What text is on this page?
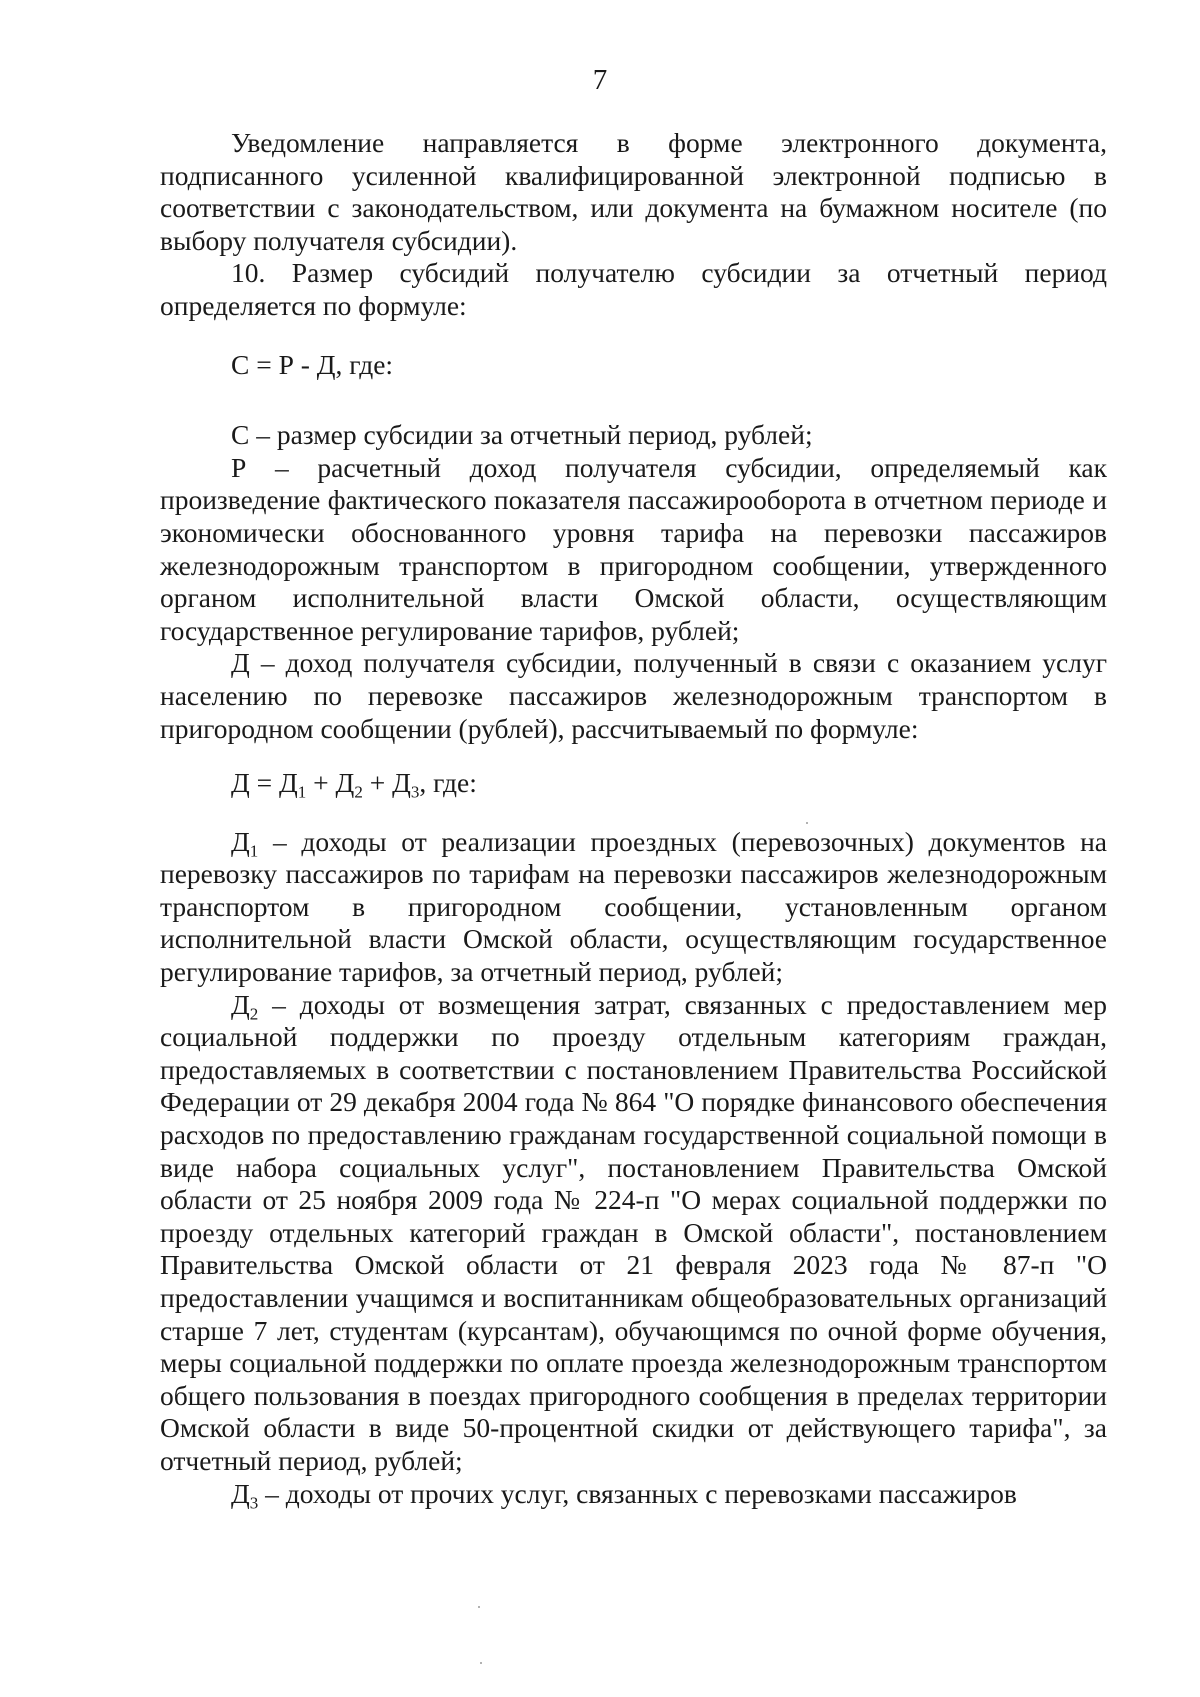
7

Уведомление направляется в форме электронного документа, подписанного усиленной квалифицированной электронной подписью в соответствии с законодательством, или документа на бумажном носителе (по выбору получателя субсидии).

10. Размер субсидий получателю субсидии за отчетный период определяется по формуле:

С = Р - Д, где:

С – размер субсидии за отчетный период, рублей;

Р – расчетный доход получателя субсидии, определяемый как произведение фактического показателя пассажирооборота в отчетном периоде и экономически обоснованного уровня тарифа на перевозки пассажиров железнодорожным транспортом в пригородном сообщении, утвержденного органом исполнительной власти Омской области, осуществляющим государственное регулирование тарифов, рублей;

Д – доход получателя субсидии, полученный в связи с оказанием услуг населению по перевозке пассажиров железнодорожным транспортом в пригородном сообщении (рублей), рассчитываемый по формуле:

$Д = Д_1 + Д_2 + Д_3$, где:

$Д_1$ – доходы от реализации проездных (перевозочных) документов на перевозку пассажиров по тарифам на перевозки пассажиров железнодорожным транспортом в пригородном сообщении, установленным органом исполнительной власти Омской области, осуществляющим государственное регулирование тарифов, за отчетный период, рублей;

$Д_2$ – доходы от возмещения затрат, связанных с предоставлением мер социальной поддержки по проезду отдельным категориям граждан, предоставляемых в соответствии с постановлением Правительства Российской Федерации от 29 декабря 2004 года № 864 "О порядке финансового обеспечения расходов по предоставлению гражданам государственной социальной помощи в виде набора социальных услуг", постановлением Правительства Омской области от 25 ноября 2009 года № 224-п "О мерах социальной поддержки по проезду отдельных категорий граждан в Омской области", постановлением Правительства Омской области от 21 февраля 2023 года № 87-п "О предоставлении учащимся и воспитанникам общеобразовательных организаций старше 7 лет, студентам (курсантам), обучающимся по очной форме обучения, меры социальной поддержки по оплате проезда железнодорожным транспортом общего пользования в поездах пригородного сообщения в пределах территории Омской области в виде 50-процентной скидки от действующего тарифа", за отчетный период, рублей;

$Д_3$ – доходы от прочих услуг, связанных с перевозками пассажиров
